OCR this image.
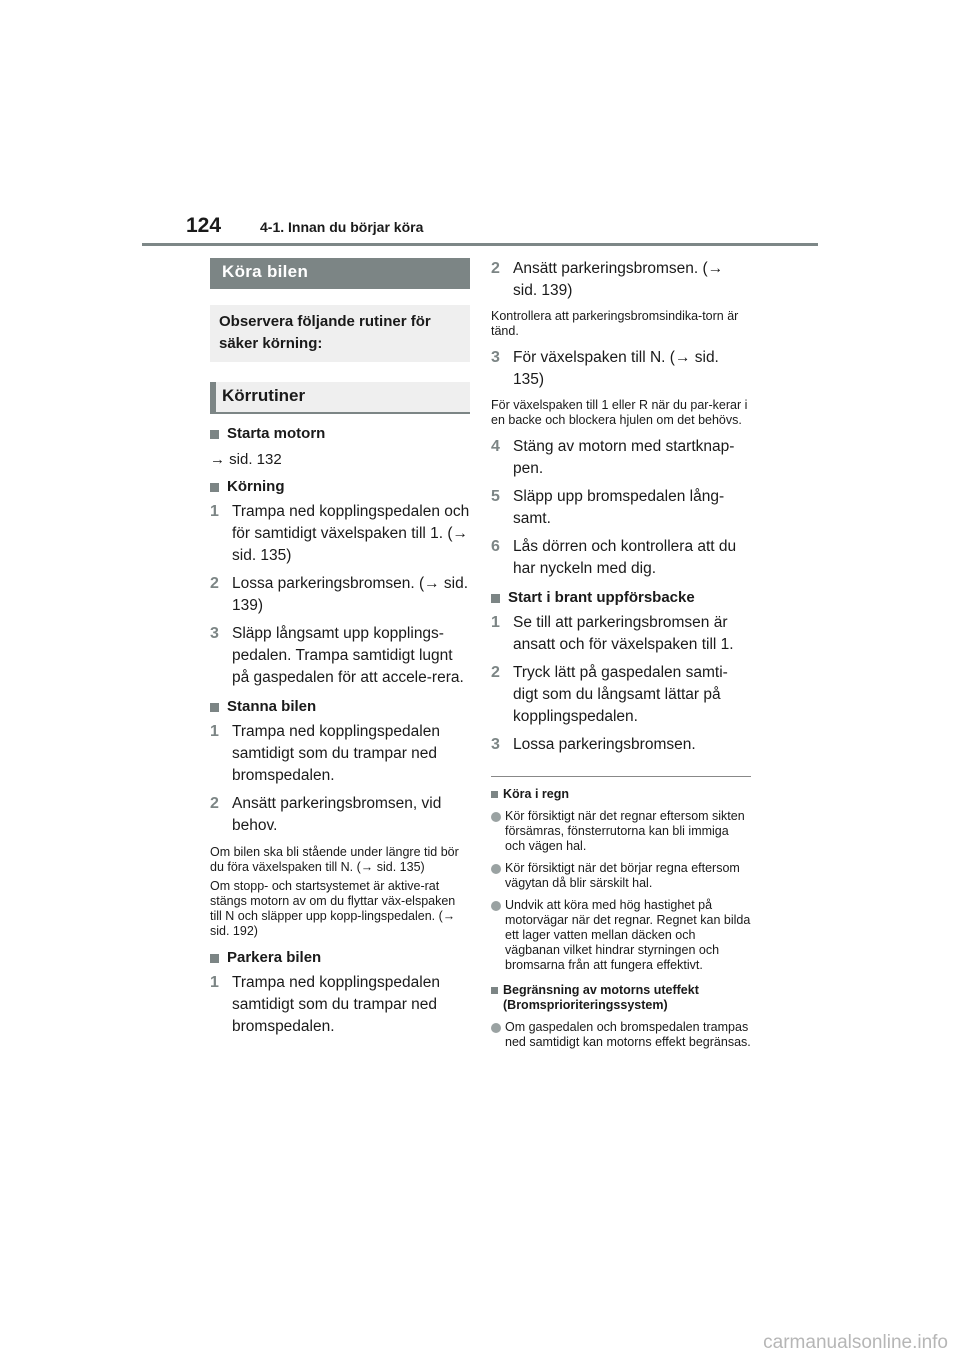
124	4-1. Innan du börjar köra
Köra bilen
Observera följande rutiner för säker körning:
Körrutiner
Starta motorn
→ sid. 132
Körning
1 Trampa ned kopplingspedalen och för samtidigt växelspaken till 1. (→ sid. 135)
2 Lossa parkeringsbromsen. (→ sid. 139)
3 Släpp långsamt upp kopplings-pedalen. Trampa samtidigt lugnt på gaspedalen för att accele-rera.
Stanna bilen
1 Trampa ned kopplingspedalen samtidigt som du trampar ned bromspedalen.
2 Ansätt parkeringsbromsen, vid behov.
Om bilen ska bli stående under längre tid bör du föra växelspaken till N. (→ sid. 135)
Om stopp- och startsystemet är aktive-rat stängs motorn av om du flyttar väx-elspaken till N och släpper upp kopp-lingspedalen. (→ sid. 192)
Parkera bilen
1 Trampa ned kopplingspedalen samtidigt som du trampar ned bromspedalen.
2 Ansätt parkeringsbromsen. (→ sid. 139)
Kontrollera att parkeringsbromsindika-torn är tänd.
3 För växelspaken till N. (→ sid. 135)
För växelspaken till 1 eller R när du par-kerar i en backe och blockera hjulen om det behövs.
4 Stäng av motorn med startknap-pen.
5 Släpp upp bromspedalen lång-samt.
6 Lås dörren och kontrollera att du har nyckeln med dig.
Start i brant uppförsbacke
1 Se till att parkeringsbromsen är ansatt och för växelspaken till 1.
2 Tryck lätt på gaspedalen samti-digt som du långsamt lättar på kopplingspedalen.
3 Lossa parkeringsbromsen.
Köra i regn
Kör försiktigt när det regnar eftersom sikten försämras, fönsterrutorna kan bli immiga och vägen hal.
Kör försiktigt när det börjar regna eftersom vägytan då blir särskilt hal.
Undvik att köra med hög hastighet på motorvägar när det regnar. Regnet kan bilda ett lager vatten mellan däcken och vägbanan vilket hindrar styrningen och bromsarna från att fungera effektivt.
Begränsning av motorns uteffekt (Bromsprioriteringssystem)
Om gaspedalen och bromspedalen trampas ned samtidigt kan motorns effekt begränsas.
carmanualsonline.info
